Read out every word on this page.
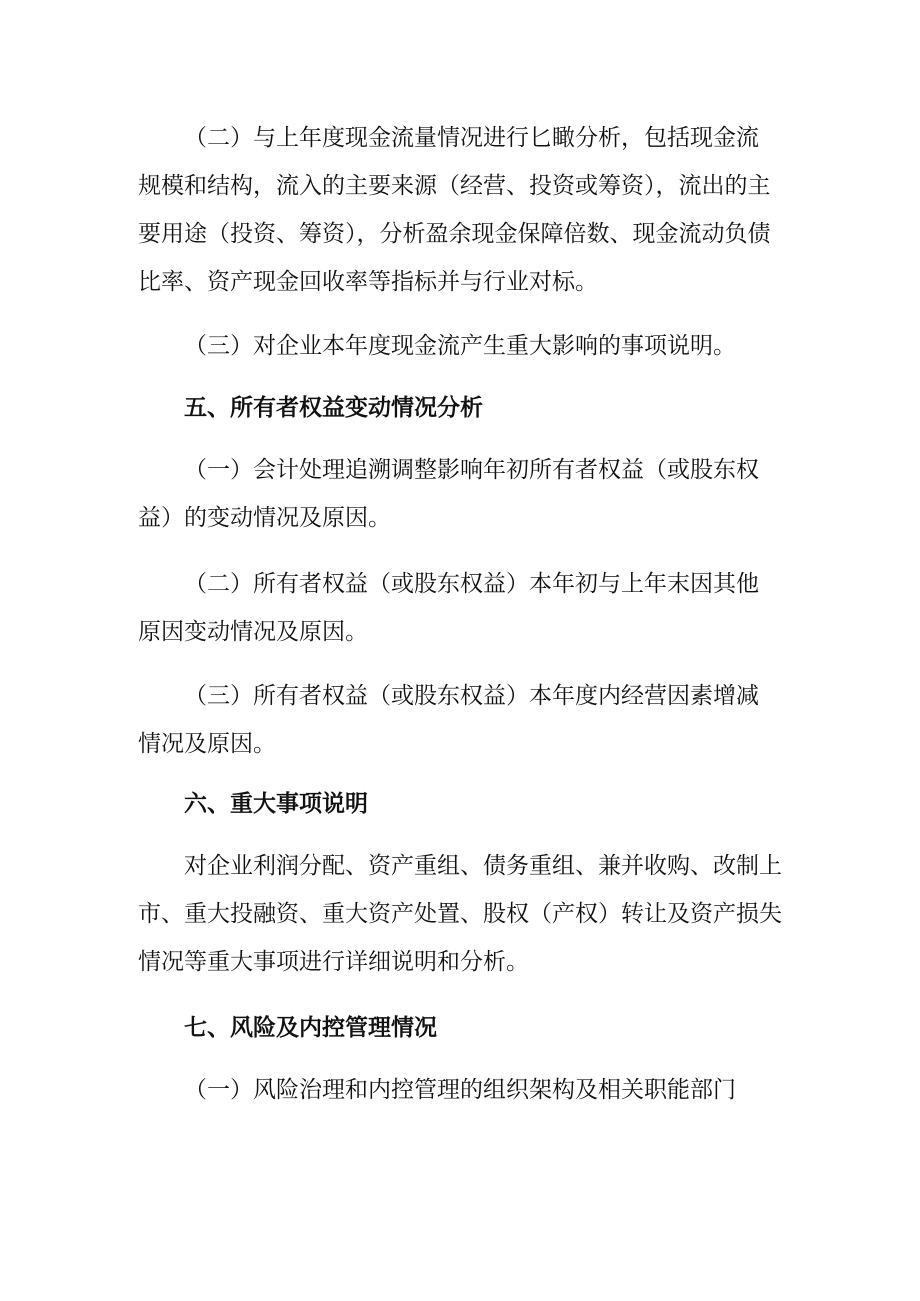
（二）与上年度现金流量情况进行匕瞰分析，包括现金流
规模和结构，流入的主要来源（经营、投资或筹资），流出的主
要用途（投资、筹资），分析盈余现金保障倍数、现金流动负债
比率、资产现金回收率等指标并与行业对标。
（三）对企业本年度现金流产生重大影响的事项说明。
五、所有者权益变动情况分析
（一）会计处理追溯调整影响年初所有者权益（或股东权
益）的变动情况及原因。
（二）所有者权益（或股东权益）本年初与上年末因其他
原因变动情况及原因。
（三）所有者权益（或股东权益）本年度内经营因素增减
情况及原因。
六、重大事项说明
对企业利润分配、资产重组、债务重组、兼并收购、改制上
市、重大投融资、重大资产处置、股权（产权）转让及资产损失
情况等重大事项进行详细说明和分析。
七、风险及内控管理情况
（一）风险治理和内控管理的组织架构及相关职能部门
